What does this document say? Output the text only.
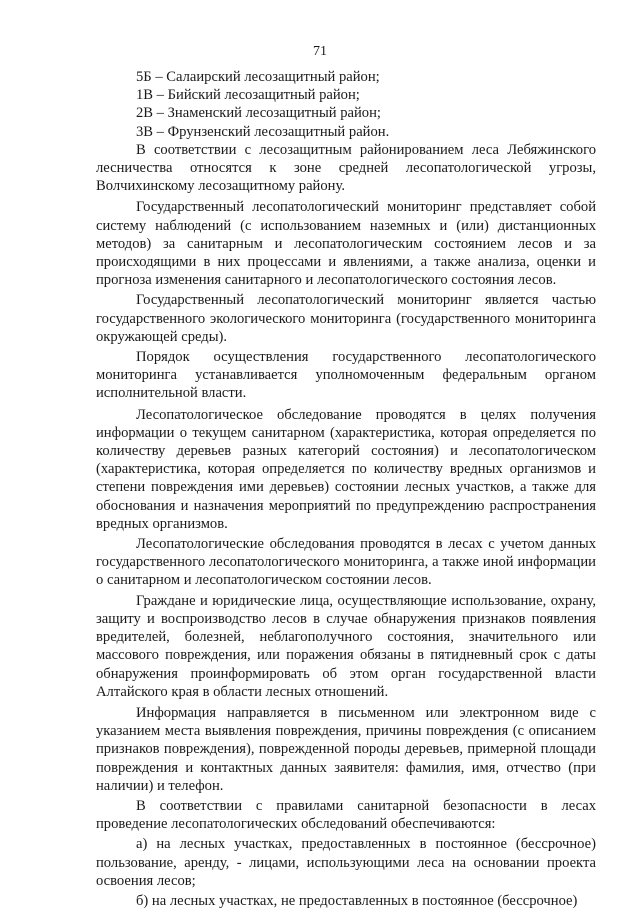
71

5Б – Салаирский лесозащитный район;

1В – Бийский лесозащитный район;

2В – Знаменский лесозащитный район;

3В – Фрунзенский лесозащитный район.

В соответствии с лесозащитным районированием леса Лебяжинского лесничества относятся к зоне средней лесопатологической угрозы, Волчихинскому лесозащитному району.

Государственный лесопатологический мониторинг представляет собой систему наблюдений (с использованием наземных и (или) дистанционных методов) за санитарным и лесопатологическим состоянием лесов и за происходящими в них процессами и явлениями, а также анализа, оценки и прогноза изменения санитарного и лесопатологического состояния лесов.

Государственный лесопатологический мониторинг является частью государственного экологического мониторинга (государственного мониторинга окружающей среды).

Порядок осуществления государственного лесопатологического мониторинга устанавливается уполномоченным федеральным органом исполнительной власти.

Лесопатологическое обследование проводятся в целях получения информации о текущем санитарном (характеристика, которая определяется по количеству деревьев разных категорий состояния) и лесопатологическом (характеристика, которая определяется по количеству вредных организмов и степени повреждения ими деревьев) состоянии лесных участков, а также для обоснования и назначения мероприятий по предупреждению распространения вредных организмов.

Лесопатологические обследования проводятся в лесах с учетом данных государственного лесопатологического мониторинга, а также иной информации о санитарном и лесопатологическом состоянии лесов.

Граждане и юридические лица, осуществляющие использование, охрану, защиту и воспроизводство лесов в случае обнаружения признаков появления вредителей, болезней, неблагополучного состояния, значительного или массового повреждения, или поражения обязаны в пятидневный срок с даты обнаружения проинформировать об этом орган государственной власти Алтайского края в области лесных отношений.

Информация направляется в письменном или электронном виде с указанием места выявления повреждения, причины повреждения (с описанием признаков повреждения), поврежденной породы деревьев, примерной площади повреждения и контактных данных заявителя: фамилия, имя, отчество (при наличии) и телефон.

В соответствии с правилами санитарной безопасности в лесах проведение лесопатологических обследований обеспечиваются:

а) на лесных участках, предоставленных в постоянное (бессрочное) пользование, аренду, - лицами, использующими леса на основании проекта освоения лесов;

б) на лесных участках, не предоставленных в постоянное (бессрочное)
